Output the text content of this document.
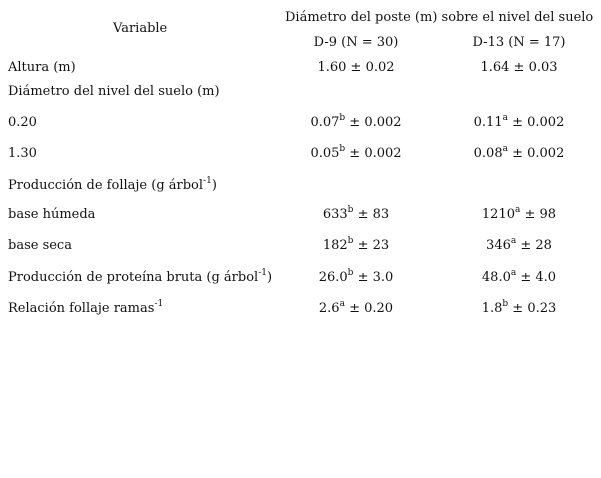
Variable
Diámetro del poste (m) sobre el nivel del suelo
D-9 (N = 30)	D-13 (N = 17)
Altura (m)	1.60 ± 0.02	1.64 ± 0.03
Diámetro del nivel del suelo (m)
0.20	0.07$^b$ ± 0.002	0.11$^a$ ± 0.002
1.30	0.05$^b$ ± 0.002	0.08$^a$ ± 0.002
Producción de follaje (g árbol$^{-1}$)
base húmeda	$633^b \pm 83$	$1210^a \pm 98$
base seca	$182^b \pm 23$	$346^a \pm 28$
Producción de proteína bruta (g árbol$^{-1}$)	26.0$^b$ ± 3.0	48.0$^a$ ± 4.0
Relación follaje ramas$^{-1}$	2.6$^a$ ± 0.20	1.8$^b$ ± 0.23
